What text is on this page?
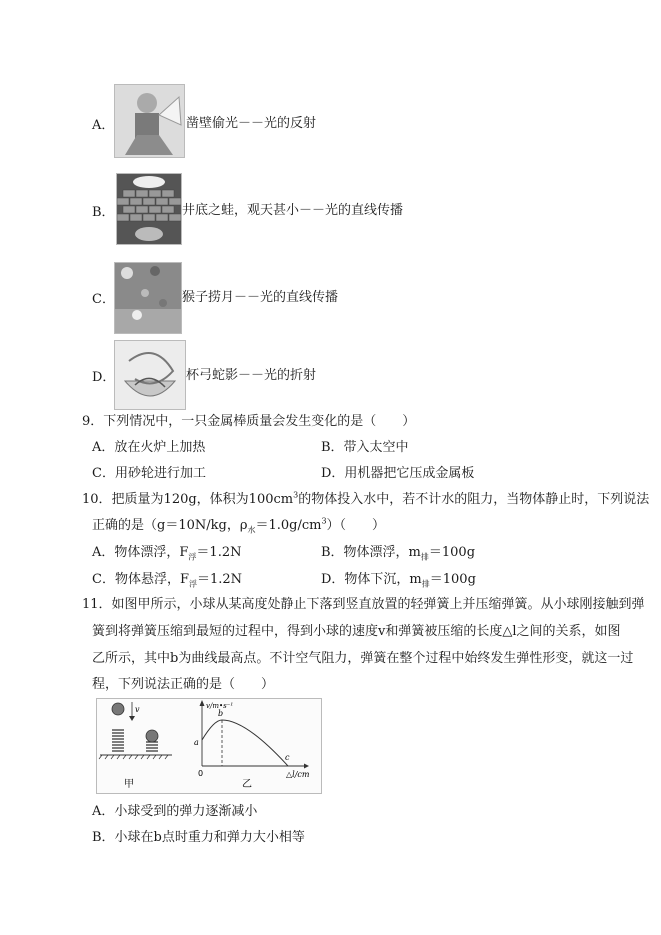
A．	凿壁偷光－－光的反射
B．	井底之蛙，观天甚小－－光的直线传播
C．	猴子捞月－－光的直线传播
D．	杯弓蛇影－－光的折射
9．下列情况中，一只金属棒质量会发生变化的是（　　）
A．放在火炉上加热	B．带入太空中
C．用砂轮进行加工	D．用机器把它压成金属板
10．把质量为120g，体积为$100cm^3$的物体投入水中，若不计水的阻力，当物体静止时，下列说法
正确的是（g＝10N/kg，$\rho_水=1.0g/cm^3$）（　　）
A．物体漂浮，$F_浮=1.2N$	B．物体漂浮，$m_排=100g$
C．物体悬浮，$F_浮=1.2N$	D．物体下沉，$m_排=100g$
11．如图甲所示，小球从某高度处静止下落到竖直放置的轻弹簧上并压缩弹簧。从小球刚接触到弹
簧到将弹簧压缩到最短的过程中，得到小球的速度v和弹簧被压缩的长度△l之间的关系，如图
乙所示，其中b为曲线最高点。不计空气阻力，弹簧在整个过程中始终发生弹性形变，就这一过
程，下列说法正确的是（　　）
v
甲
v/m•s⁻¹
b
a
c
0	△l/cm
乙
A．小球受到的弹力逐渐减小
B．小球在b点时重力和弹力大小相等
